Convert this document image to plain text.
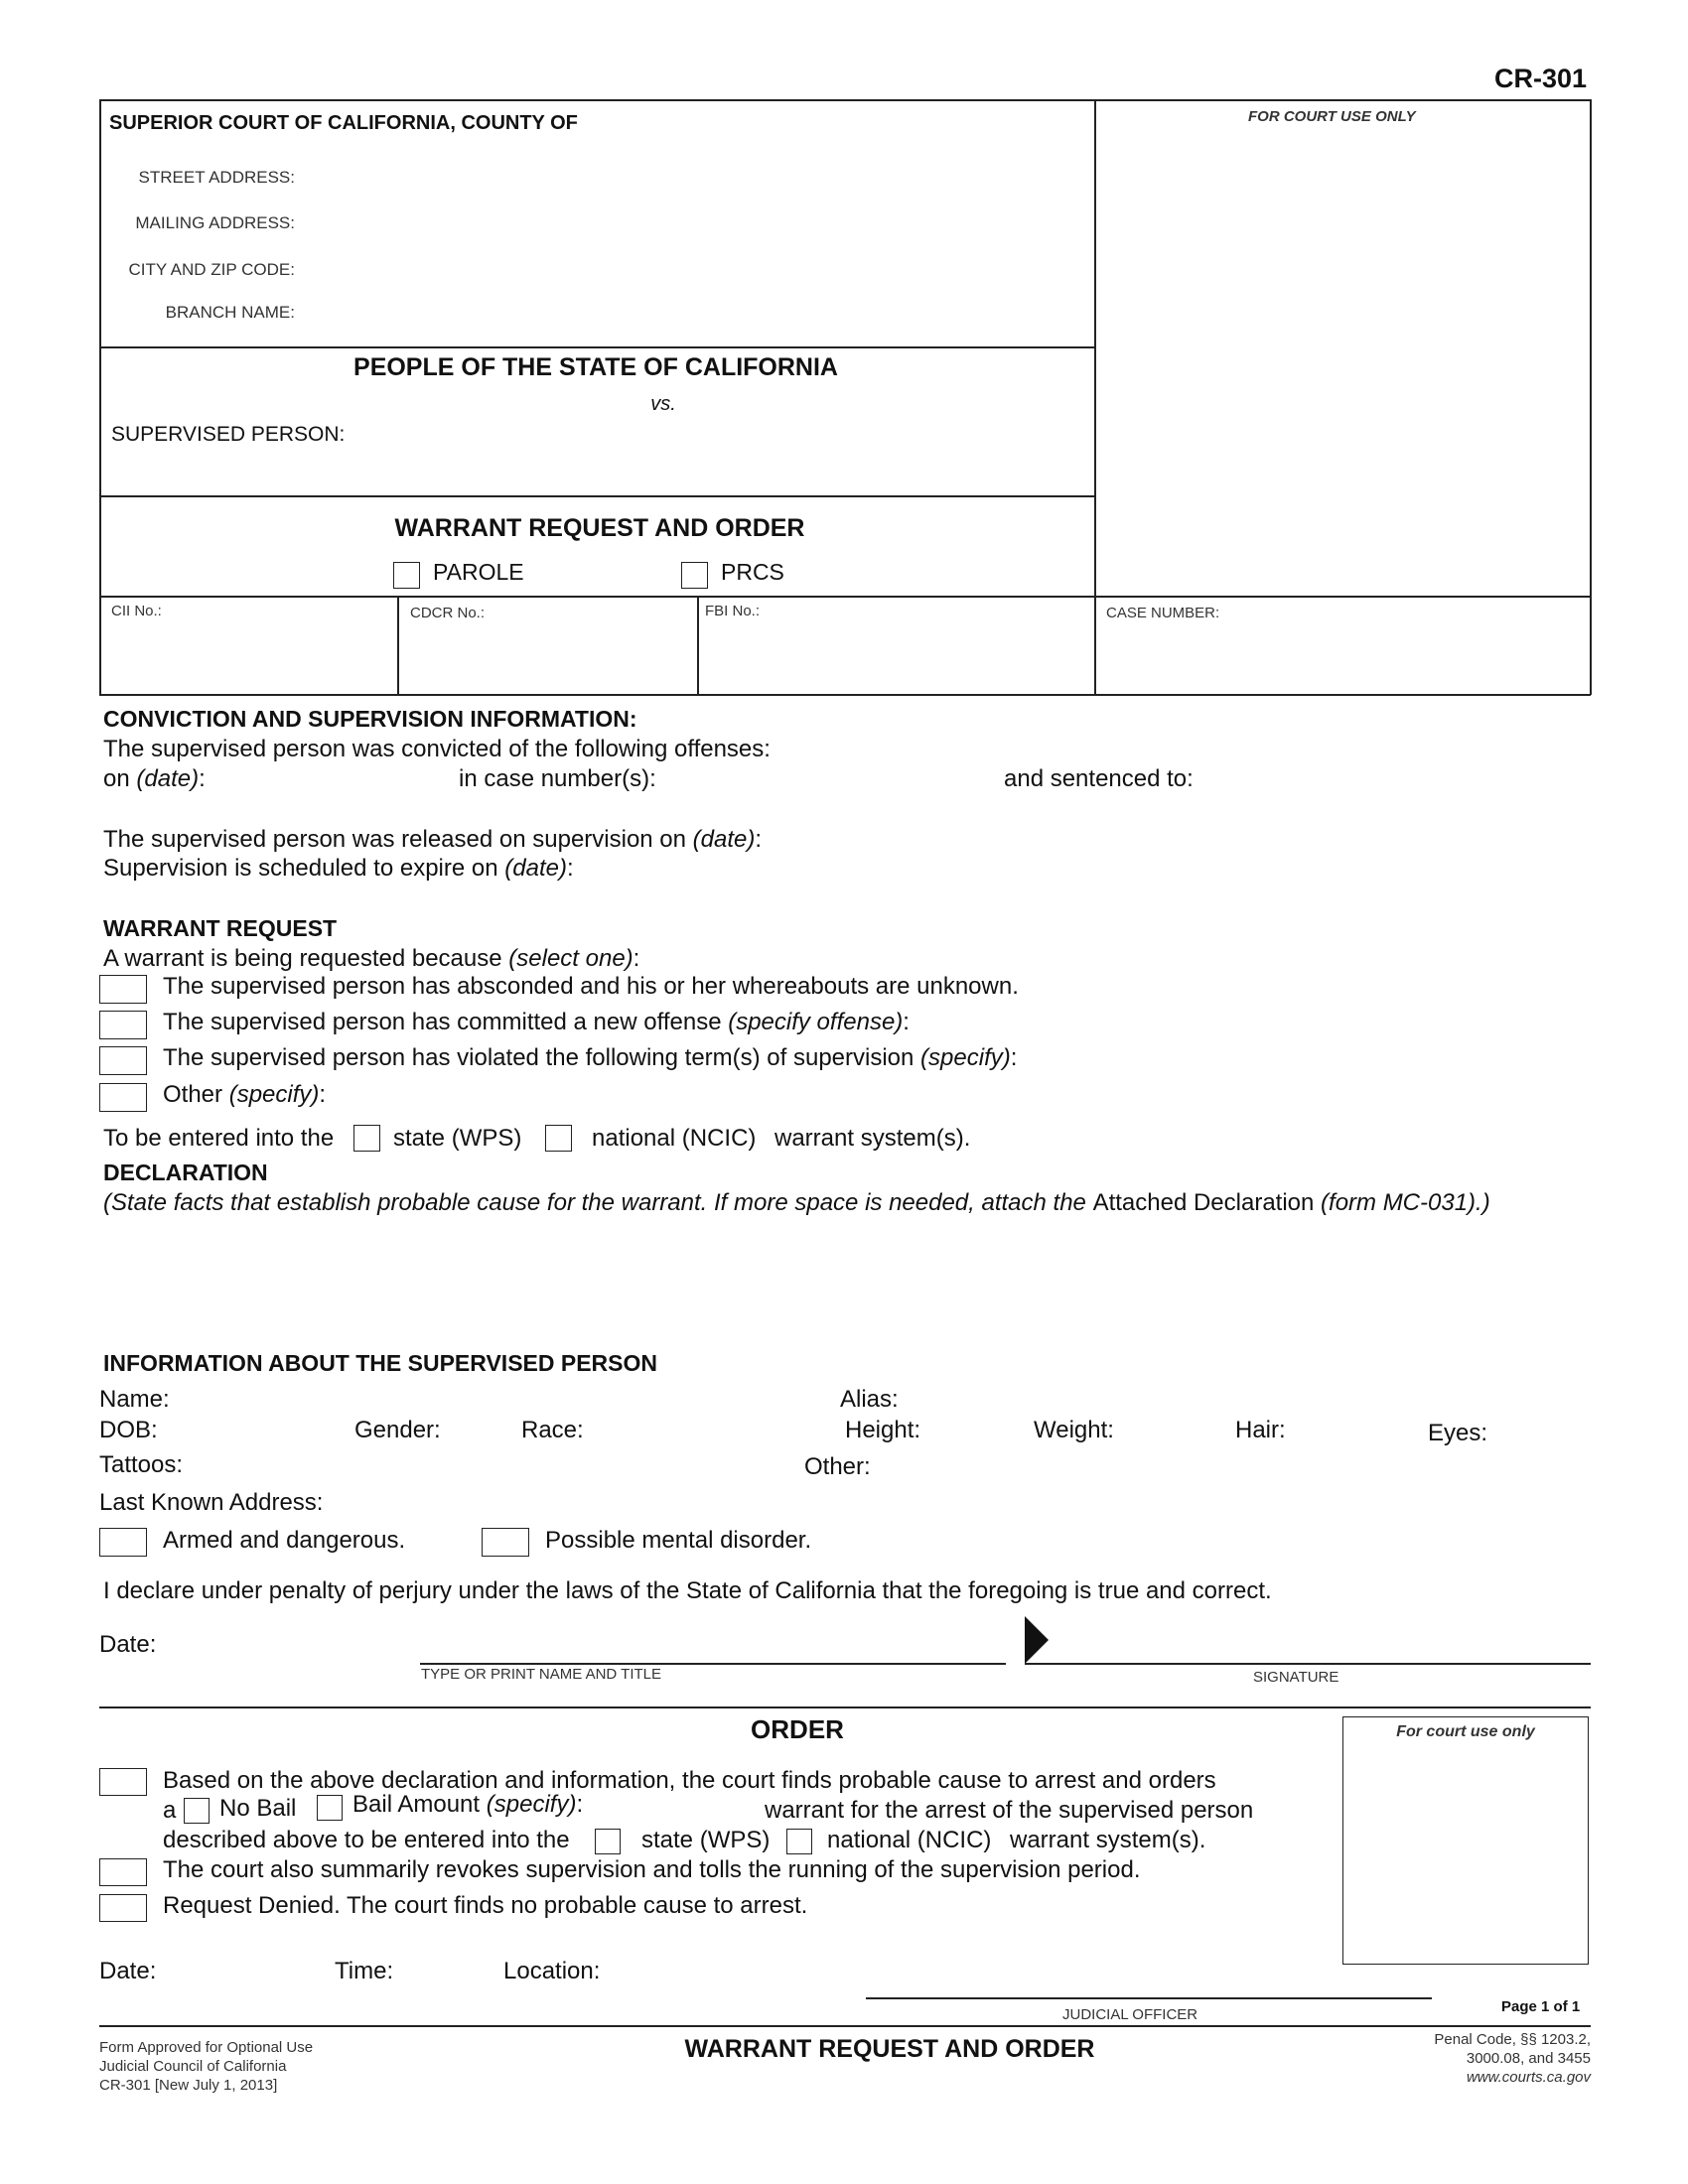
CR-301
SUPERIOR COURT OF CALIFORNIA, COUNTY OF
STREET ADDRESS:
MAILING ADDRESS:
CITY AND ZIP CODE:
BRANCH NAME:
FOR COURT USE ONLY
PEOPLE OF THE STATE OF CALIFORNIA
vs.
SUPERVISED PERSON:
WARRANT REQUEST AND ORDER
PAROLE	PRCS
CII No.:	CDCR No.:	FBI No.:	CASE NUMBER:
CONVICTION AND SUPERVISION INFORMATION:
The supervised person was convicted of the following offenses:
on (date):	in case number(s):	and sentenced to:
The supervised person was released on supervision on (date):
Supervision is scheduled to expire on (date):
WARRANT REQUEST
A warrant is being requested because (select one):
The supervised person has absconded and his or her whereabouts are unknown.
The supervised person has committed a new offense (specify offense):
The supervised person has violated the following term(s) of supervision (specify):
Other (specify):
To be entered into the state (WPS)	national (NCIC) warrant system(s).
DECLARATION
(State facts that establish probable cause for the warrant. If more space is needed, attach the Attached Declaration (form MC-031).)
INFORMATION ABOUT THE SUPERVISED PERSON
Name:	Alias:
DOB:	Gender:	Race:	Height:	Weight:	Hair:	Eyes:
Tattoos:	Other:
Last Known Address:
Armed and dangerous.	Possible mental disorder.
I declare under penalty of perjury under the laws of the State of California that the foregoing is true and correct.
Date:
TYPE OR PRINT NAME AND TITLE	SIGNATURE
ORDER	For court use only
Based on the above declaration and information, the court finds probable cause to arrest and orders
a No Bail Bail Amount (specify):	warrant for the arrest of the supervised person
described above to be entered into the	state (WPS) national (NCIC) warrant system(s).
The court also summarily revokes supervision and tolls the running of the supervision period.
Request Denied. The court finds no probable cause to arrest.
Date:	Time:	Location:
JUDICIAL OFFICER	Page 1 of 1
Form Approved for Optional Use
Judicial Council of California
CR-301 [New July 1, 2013]
WARRANT REQUEST AND ORDER	Penal Code, §§ 1203.2,
3000.08, and 3455
www.courts.ca.gov
